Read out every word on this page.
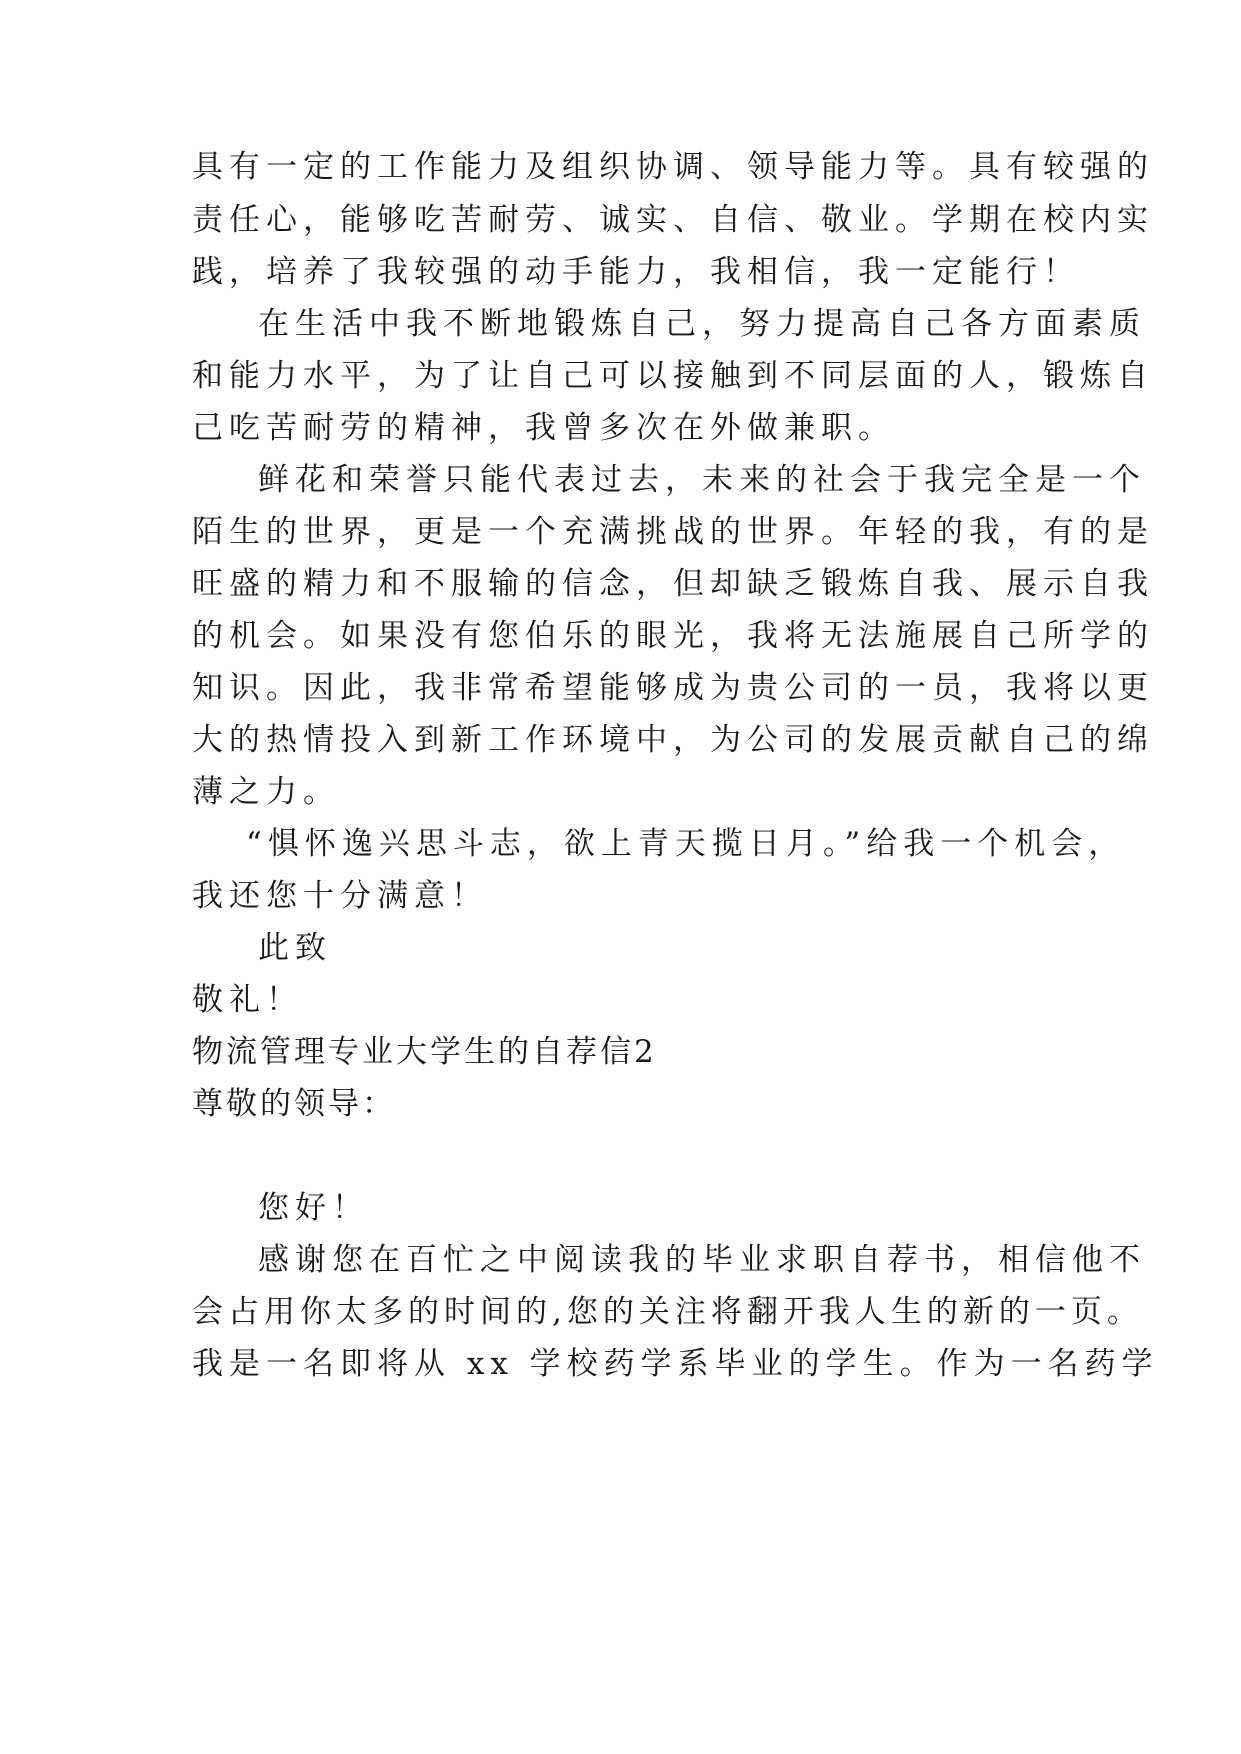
具有一定的工作能力及组织协调、领导能力等。具有较强的
责任心，能够吃苦耐劳、诚实、自信、敬业。学期在校内实
践，培养了我较强的动手能力，我相信，我一定能行！
在生活中我不断地锻炼自己，努力提高自己各方面素质
和能力水平，为了让自己可以接触到不同层面的人，锻炼自
己吃苦耐劳的精神，我曾多次在外做兼职。
鲜花和荣誉只能代表过去，未来的社会于我完全是一个
陌生的世界，更是一个充满挑战的世界。年轻的我，有的是
旺盛的精力和不服输的信念，但却缺乏锻炼自我、展示自我
的机会。如果没有您伯乐的眼光，我将无法施展自己所学的
知识。因此，我非常希望能够成为贵公司的一员，我将以更
大的热情投入到新工作环境中，为公司的发展贡献自己的绵
薄之力。
“惧怀逸兴思斗志，欲上青天揽日月。”给我一个机会，
我还您十分满意！
此致
敬礼！
物流管理专业大学生的自荐信2
尊敬的领导：
您好！
感谢您在百忙之中阅读我的毕业求职自荐书，相信他不
会占用你太多的时间的,您的关注将翻开我人生的新的一页。
我是一名即将从 xx 学校药学系毕业的学生。作为一名药学
